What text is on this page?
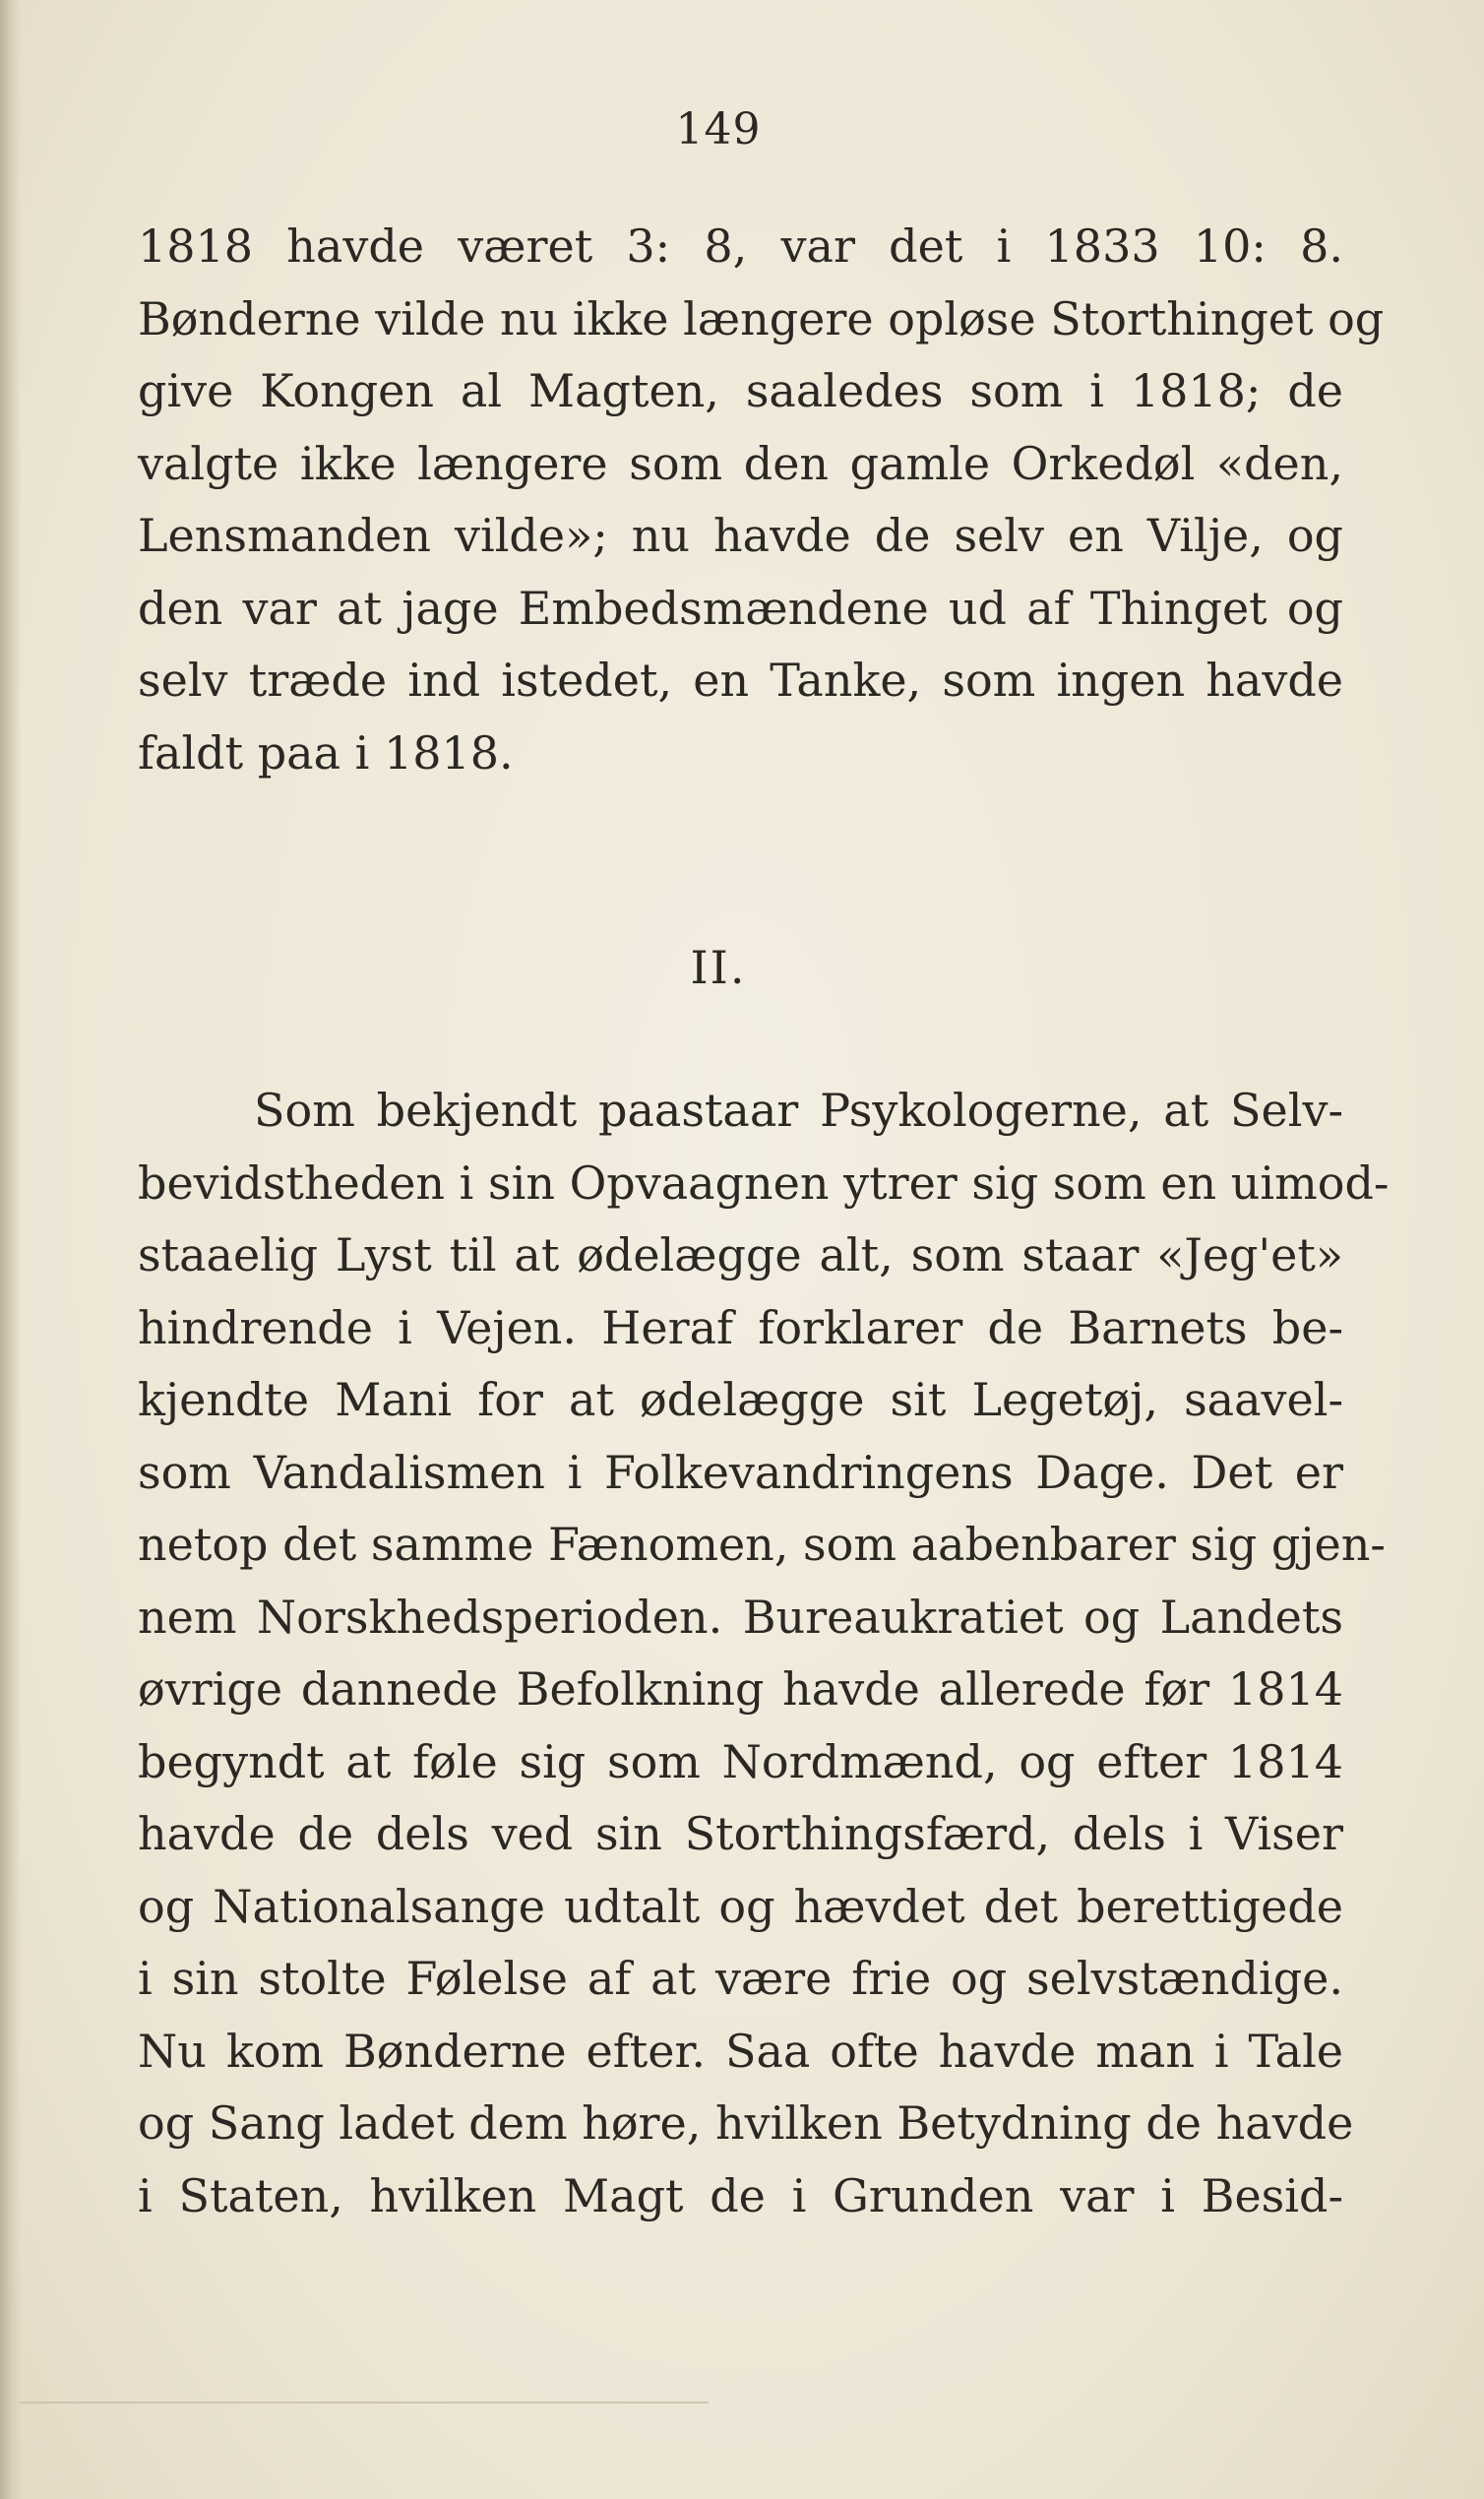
149
1818 havde været 3: 8, var det i 1833 10: 8.
Bønderne vilde nu ikke længere opløse Storthinget og
give Kongen al Magten, saaledes som i 1818; de
valgte ikke længere som den gamle Orkedøl «den,
Lensmanden vilde»; nu havde de selv en Vilje, og
den var at jage Embedsmændene ud af Thinget og
selv træde ind istedet, en Tanke, som ingen havde
faldt paa i 1818.
II.
Som bekjendt paastaar Psykologerne, at Selv-
bevidstheden i sin Opvaagnen ytrer sig som en uimod-
staaelig Lyst til at ødelægge alt, som staar «Jeg'et»
hindrende i Vejen. Heraf forklarer de Barnets be-
kjendte Mani for at ødelægge sit Legetøj, saavel-
som Vandalismen i Folkevandringens Dage. Det er
netop det samme Fænomen, som aabenbarer sig gjen-
nem Norskhedsperioden. Bureaukratiet og Landets
øvrige dannede Befolkning havde allerede før 1814
begyndt at føle sig som Nordmænd, og efter 1814
havde de dels ved sin Storthingsfærd, dels i Viser
og Nationalsange udtalt og hævdet det berettigede
i sin stolte Følelse af at være frie og selvstændige.
Nu kom Bønderne efter. Saa ofte havde man i Tale
og Sang ladet dem høre, hvilken Betydning de havde
i Staten, hvilken Magt de i Grunden var i Besid-
